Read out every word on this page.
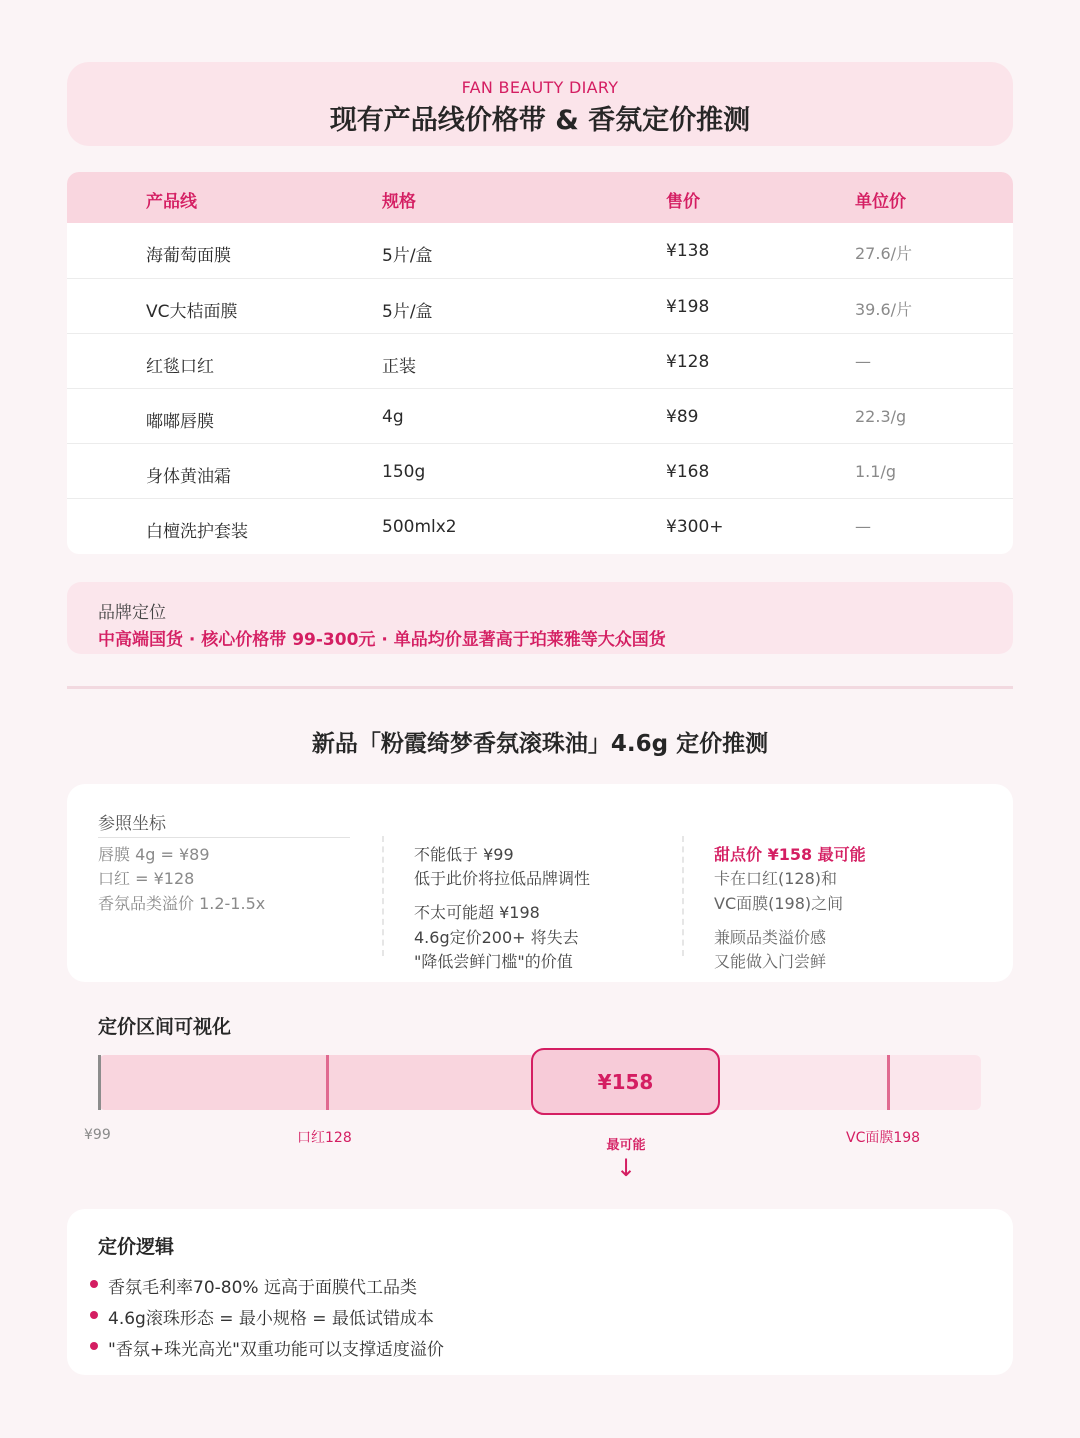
FAN BEAUTY DIARY
现有产品线价格带 & 香氛定价推测
产品线	规格	售价	单位价
海葡萄面膜	5片/盒	¥138	27.6/片
VC大桔面膜	5片/盒	¥198	39.6/片
红毯口红	正装	¥128	—
嘟嘟唇膜	4g	¥89	22.3/g
身体黄油霜	150g	¥168	1.1/g
白檀洗护套装	500mlx2	¥300+	—
品牌定位
中高端国货 · 核心价格带 99-300元 · 单品均价显著高于珀莱雅等大众国货
新品「粉霞绮梦香氛滚珠油」4.6g 定价推测
参照坐标
唇膜 4g = ¥89
口红 = ¥128
香氛品类溢价 1.2-1.5x
不能低于 ¥99
低于此价将拉低品牌调性
不太可能超 ¥198
4.6g定价200+ 将失去
"降低尝鲜门槛"的价值
甜点价 ¥158 最可能
卡在口红(128)和
VC面膜(198)之间
兼顾品类溢价感
又能做入门尝鲜
定价区间可视化
¥158
¥99	口红128	最可能
↓
VC面膜198
定价逻辑
香氛毛利率70-80% 远高于面膜代工品类
4.6g滚珠形态 = 最小规格 = 最低试错成本
"香氛+珠光高光"双重功能可以支撑适度溢价
